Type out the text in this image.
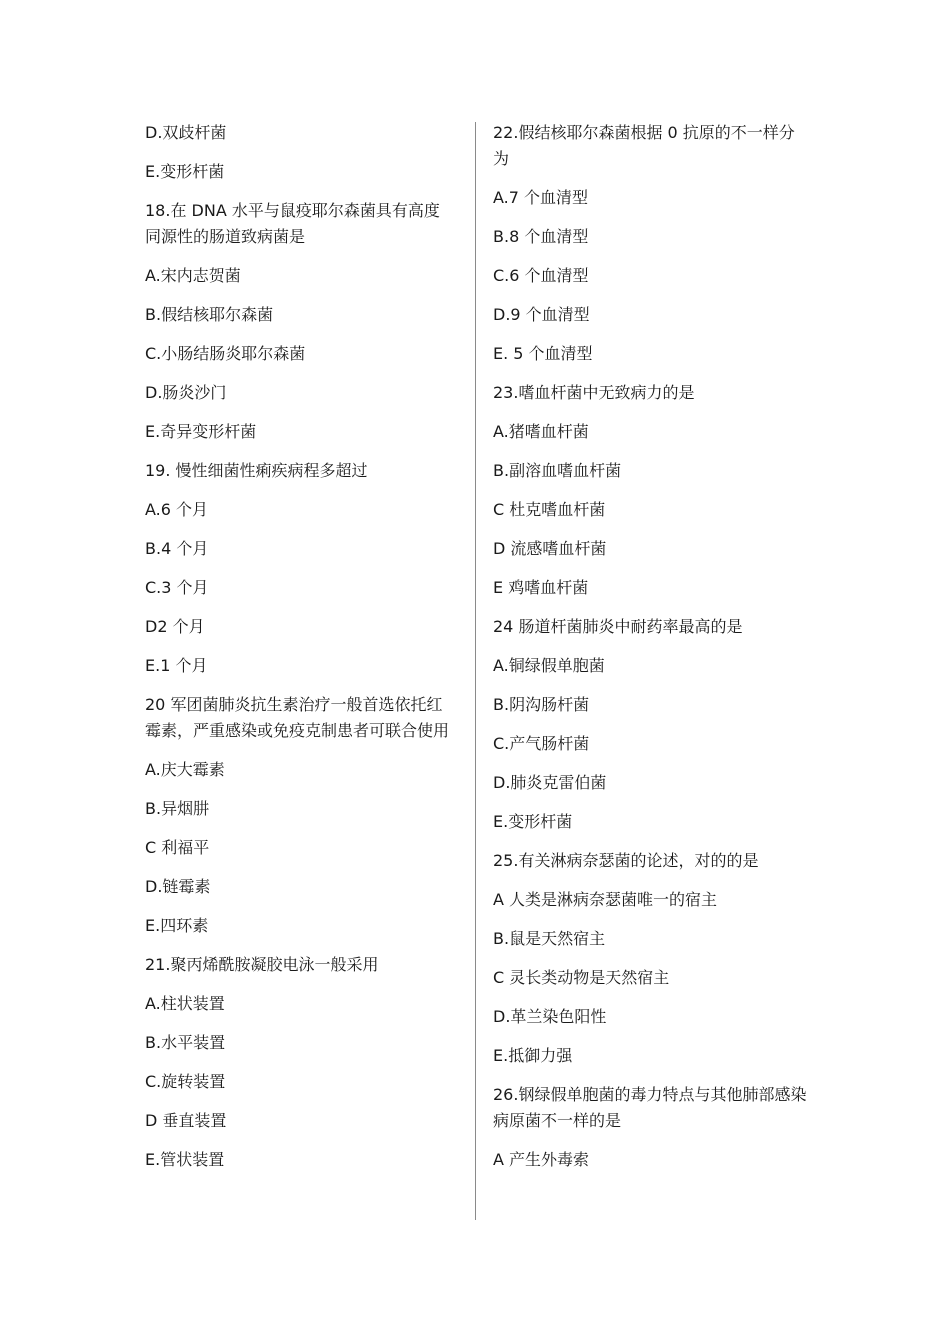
D.双歧杆菌

E.变形杆菌

18.在 DNA 水平与鼠疫耶尔森菌具有高度同源性的肠道致病菌是

A.宋内志贺菌

B.假结核耶尔森菌

C.小肠结肠炎耶尔森菌

D.肠炎沙门

E.奇异变形杆菌

19. 慢性细菌性痢疾病程多超过

A.6 个月

B.4 个月

C.3 个月

D2 个月

E.1 个月

20 军团菌肺炎抗生素治疗一般首选依托红霉素，严重感染或免疫克制患者可联合使用

A.庆大霉素

B.异烟肼

C 利福平

D.链霉素

E.四环素

21.聚丙烯酰胺凝胶电泳一般采用

A.柱状装置

B.水平装置

C.旋转装置

D 垂直装置

E.管状装置

22.假结核耶尔森菌根据 0 抗原的不一样分为

A.7 个血清型

B.8 个血清型

C.6 个血清型

D.9 个血清型

E. 5 个血清型

23.嗜血杆菌中无致病力的是

A.猪嗜血杆菌

B.副溶血嗜血杆菌

C 杜克嗜血杆菌

D 流感嗜血杆菌

E 鸡嗜血杆菌

24 肠道杆菌肺炎中耐药率最高的是

A.铜绿假单胞菌

B.阴沟肠杆菌

C.产气肠杆菌

D.肺炎克雷伯菌

E.变形杆菌

25.有关淋病奈瑟菌的论述，对的的是

A 人类是淋病奈瑟菌唯一的宿主

B.鼠是天然宿主

C 灵长类动物是天然宿主

D.革兰染色阳性

E.抵御力强

26.钢绿假单胞菌的毒力特点与其他肺部感染病原菌不一样的是

A 产生外毒索
